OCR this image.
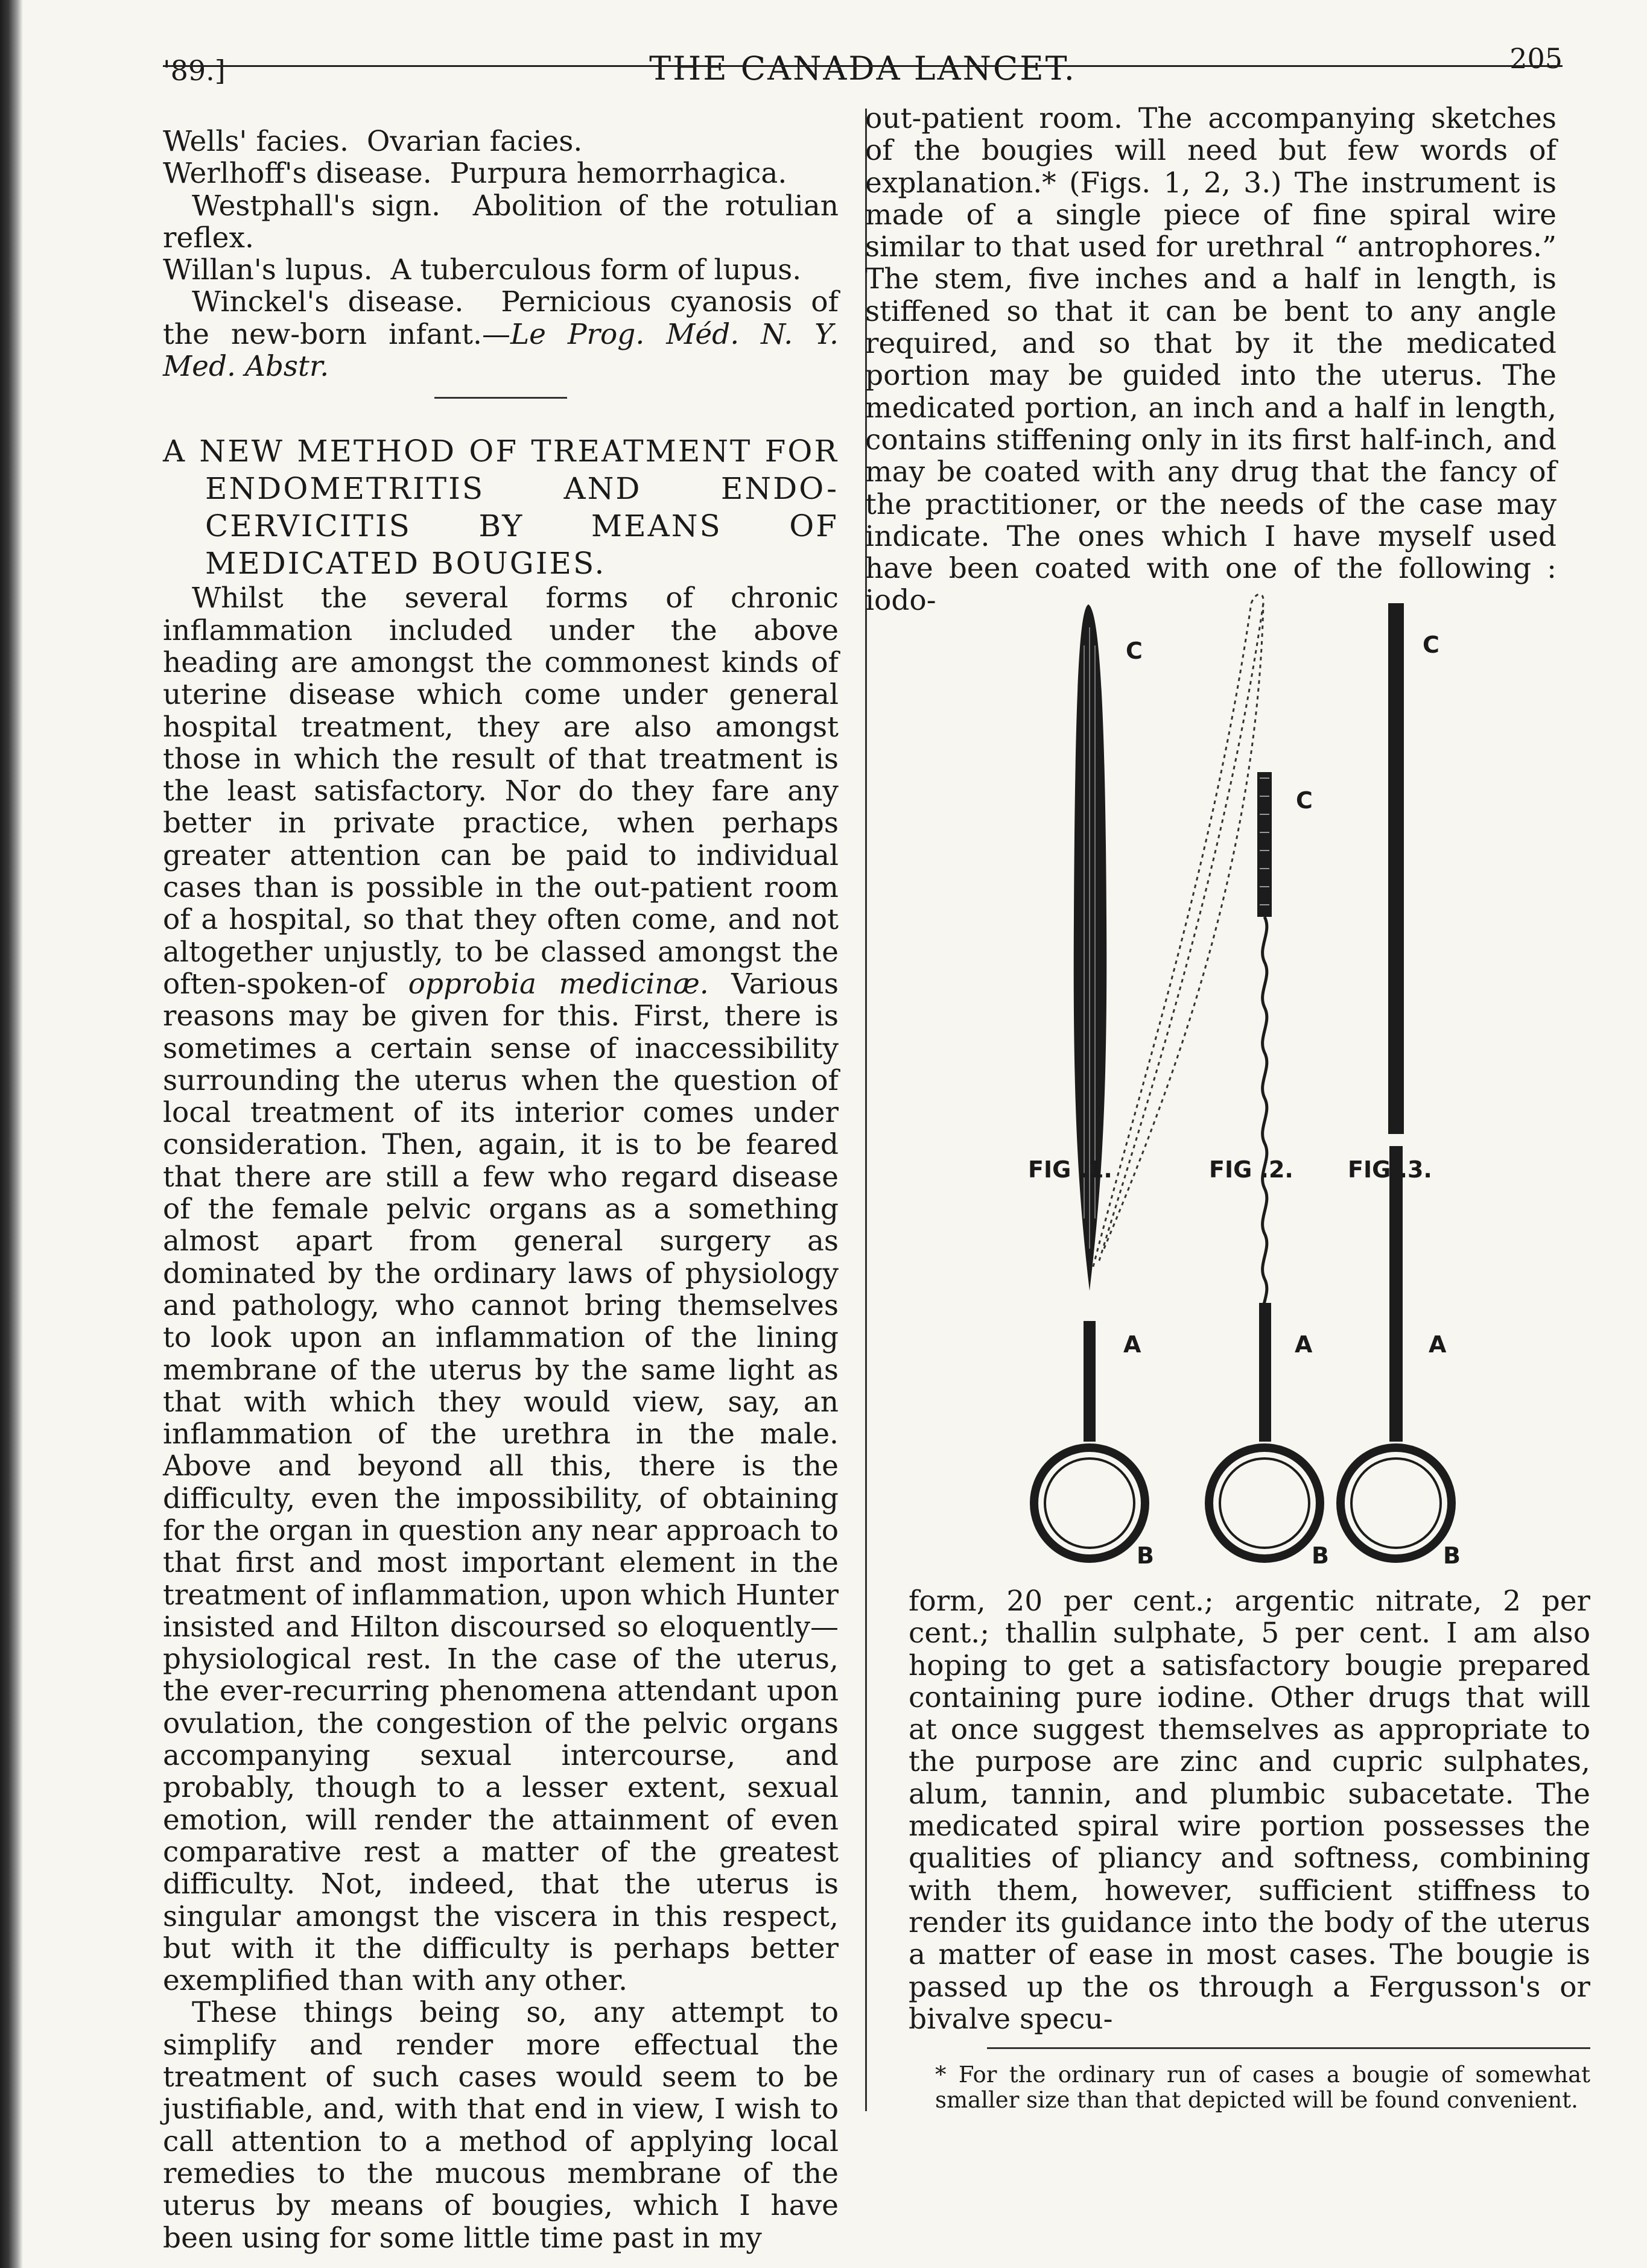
'89.]	THE CANADA LANCET.	205

Wells' facies. Ovarian facies.

Werlhoff's disease. Purpura hemorrhagica.

Westphall's sign. Abolition of the rotulian reflex.

Willan's lupus. A tuberculous form of lupus.

Winckel's disease. Pernicious cyanosis of the new-born infant.—Le Prog. Méd. N. Y. Med. Abstr.

A NEW METHOD OF TREATMENT FOR ENDOMETRITIS AND ENDO-CERVICITIS BY MEANS OF MEDICATED BOUGIES.

Whilst the several forms of chronic inflammation included under the above heading are amongst the commonest kinds of uterine disease which come under general hospital treatment, they are also amongst those in which the result of that treatment is the least satisfactory. Nor do they fare any better in private practice, when perhaps greater attention can be paid to individual cases than is possible in the out-patient room of a hospital, so that they often come, and not altogether unjustly, to be classed amongst the often-spoken-of opprobia medicinæ. Various reasons may be given for this. First, there is sometimes a certain sense of inaccessibility surrounding the uterus when the question of local treatment of its interior comes under consideration. Then, again, it is to be feared that there are still a few who regard disease of the female pelvic organs as a something almost apart from general surgery as dominated by the ordinary laws of physiology and pathology, who cannot bring themselves to look upon an inflammation of the lining membrane of the uterus by the same light as that with which they would view, say, an inflammation of the urethra in the male. Above and beyond all this, there is the difficulty, even the impossibility, of obtaining for the organ in question any near approach to that first and most important element in the treatment of inflammation, upon which Hunter insisted and Hilton discoursed so eloquently—physiological rest. In the case of the uterus, the ever-recurring phenomena attendant upon ovulation, the congestion of the pelvic organs accompanying sexual intercourse, and probably, though to a lesser extent, sexual emotion, will render the attainment of even comparative rest a matter of the greatest difficulty. Not, indeed, that the uterus is singular amongst the viscera in this respect, but with it the difficulty is perhaps better exemplified than with any other.

These things being so, any attempt to simplify and render more effectual the treatment of such cases would seem to be justifiable, and, with that end in view, I wish to call attention to a method of applying local remedies to the mucous membrane of the uterus by means of bougies, which I have been using for some little time past in my

out-patient room. The accompanying sketches of the bougies will need but few words of explanation.* (Figs. 1, 2, 3.) The instrument is made of a single piece of fine spiral wire similar to that used for urethral “ antrophores.” The stem, five inches and a half in length, is stiffened so that it can be bent to any angle required, and so that by it the medicated portion may be guided into the uterus. The medicated portion, an inch and a half in length, contains stiffening only in its first half-inch, and may be coated with any drug that the fancy of the practitioner, or the needs of the case may indicate. The ones which I have myself used have been coated with one of the following : iodo-

C
C
C
FIG .1.	FIG .2. FIG .3.
A	A	A
B	B	B

form, 20 per cent.; argentic nitrate, 2 per cent.; thallin sulphate, 5 per cent. I am also hoping to get a satisfactory bougie prepared containing pure iodine. Other drugs that will at once suggest themselves as appropriate to the purpose are zinc and cupric sulphates, alum, tannin, and plumbic subacetate. The medicated spiral wire portion possesses the qualities of pliancy and softness, combining with them, however, sufficient stiffness to render its guidance into the body of the uterus a matter of ease in most cases. The bougie is passed up the os through a Fergusson's or bivalve specu-

* For the ordinary run of cases a bougie of somewhat smaller size than that depicted will be found convenient.
